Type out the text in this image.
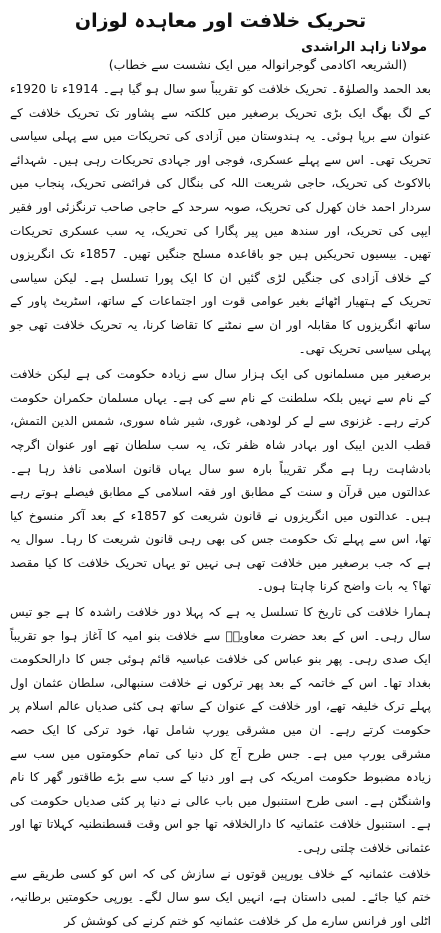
تحریک خلافت اور معاہدہ لوزان
مولانا زاہد الراشدی
(الشریعہ اکادمی گوجرانوالہ میں ایک نشست سے خطاب)

بعد الحمد والصلوٰۃ۔ تحریک خلافت کو تقریباً سو سال ہو گیا ہے۔ 1914ء تا 1920ء کے لگ بھگ ایک بڑی تحریک برصغیر میں کلکتہ سے پشاور تک تحریک خلافت کے عنوان سے برپا ہوئی۔ یہ ہندوستان میں آزادی کی تحریکات میں سے پہلی سیاسی تحریک تھی۔ اس سے پہلے عسکری، فوجی اور جہادی تحریکات رہی ہیں۔ شہدائے بالاکوٹ کی تحریک، حاجی شریعت اللہ کی بنگال کی فرائضی تحریک، پنجاب میں سردار احمد خان کھرل کی تحریک، صوبہ سرحد کے حاجی صاحب ترنگزئی اور فقیر ایپی کی تحریک، اور سندھ میں پیر پگارا کی تحریک، یہ سب عسکری تحریکات تھیں۔ بیسیوں تحریکیں ہیں جو باقاعدہ مسلح جنگیں تھیں۔ 1857ء تک انگریزوں کے خلاف آزادی کی جنگیں لڑی گئیں ان کا ایک پورا تسلسل ہے۔ لیکن سیاسی تحریک کے ہتھیار اٹھائے بغیر عوامی قوت اور اجتماعات کے ساتھ، اسٹریٹ پاور کے ساتھ انگریزوں کا مقابلہ اور ان سے نمٹنے کا تقاضا کرنا، یہ تحریک خلافت تھی جو پہلی سیاسی تحریک تھی۔

برصغیر میں مسلمانوں کی ایک ہزار سال سے زیادہ حکومت کی ہے لیکن خلافت کے نام سے نہیں بلکہ سلطنت کے نام سے کی ہے۔ یہاں مسلمان حکمران حکومت کرتے رہے۔ غزنوی سے لے کر لودھی، غوری، شیر شاہ سوری، شمس الدین التمش، قطب الدین ایبک اور بہادر شاہ ظفر تک، یہ سب سلطان تھے اور عنوان اگرچہ بادشاہت رہا ہے مگر تقریباً بارہ سو سال یہاں قانون اسلامی نافذ رہا ہے۔ عدالتوں میں قرآن و سنت کے مطابق اور فقہ اسلامی کے مطابق فیصلے ہوتے رہے ہیں۔ عدالتوں میں انگریزوں نے قانون شریعت کو 1857ء کے بعد آکر منسوخ کیا تھا، اس سے پہلے تک حکومت جس کی بھی رہی قانون شریعت کا رہا۔ سوال یہ ہے کہ جب برصغیر میں خلافت تھی ہی نہیں تو یہاں تحریک خلافت کا کیا مقصد تھا؟ یہ بات واضح کرنا چاہتا ہوں۔

ہمارا خلافت کی تاریخ کا تسلسل یہ ہے کہ پہلا دور خلافت راشدہ کا ہے جو تیس سال رہی۔ اس کے بعد حضرت معاویہؓ سے خلافت بنو امیہ کا آغاز ہوا جو تقریباً ایک صدی رہی۔ پھر بنو عباس کی خلافت عباسیہ قائم ہوئی جس کا دارالحکومت بغداد تھا۔ اس کے خاتمہ کے بعد پھر ترکوں نے خلافت سنبھالی، سلطان عثمان اول پہلے ترک خلیفہ تھے، اور خلافت کے عنوان کے ساتھ ہی کئی صدیاں عالم اسلام پر حکومت کرتے رہے۔ ان میں مشرقی یورپ شامل تھا، خود ترکی کا ایک حصہ مشرقی یورپ میں ہے۔ جس طرح آج کل دنیا کی تمام حکومتوں میں سب سے زیادہ مضبوط حکومت امریکہ کی ہے اور دنیا کے سب سے بڑے طاقتور گھر کا نام واشنگٹن ہے۔ اسی طرح استنبول میں باب عالی نے دنیا پر کئی صدیاں حکومت کی ہے۔ استنبول خلافت عثمانیہ کا دارالخلافہ تھا جو اس وقت قسطنطنیہ کہلاتا تھا اور عثمانی خلافت چلتی رہی۔

خلافت عثمانیہ کے خلاف یورپین قوتوں نے سازش کی کہ اس کو کسی طریقے سے ختم کیا جائے۔ لمبی داستان ہے، انہیں ایک سو سال لگے۔ یورپی حکومتیں برطانیہ، اٹلی اور فرانس سارے مل کر خلافت عثمانیہ کو ختم کرنے کی کوشش کر
